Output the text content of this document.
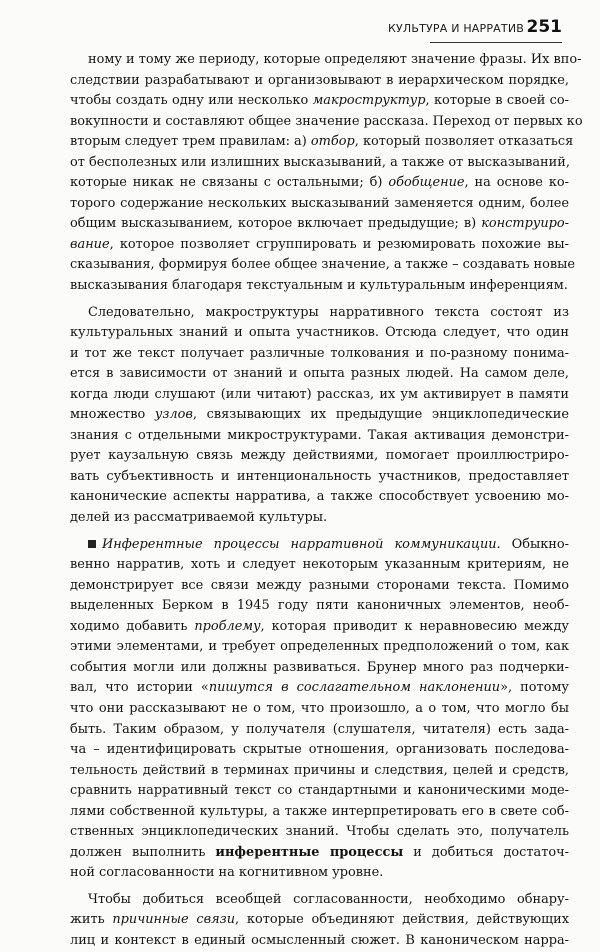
КУЛЬТУРА И НАРРАТИВ 251
ному и тому же периоду, которые определяют значение фразы. Их впо-
следствии разрабатывают и организовывают в иерархическом порядке,
чтобы создать одну или несколько макроструктур, которые в своей со-
вокупности и составляют общее значение рассказа. Переход от первых ко
вторым следует трем правилам: а) отбор, который позволяет отказаться
от бесполезных или излишних высказываний, а также от высказываний,
которые никак не связаны с остальными; б) обобщение, на основе ко-
торого содержание нескольких высказываний заменяется одним, более
общим высказыванием, которое включает предыдущие; в) конструиро-
вание, которое позволяет сгруппировать и резюмировать похожие вы-
сказывания, формируя более общее значение, а также – создавать новые
высказывания благодаря текстуальным и культуральным инференциям.
Следовательно, макроструктуры нарративного текста состоят из
культуральных знаний и опыта участников. Отсюда следует, что один
и тот же текст получает различные толкования и по-разному понима-
ется в зависимости от знаний и опыта разных людей. На самом деле,
когда люди слушают (или читают) рассказ, их ум активирует в памяти
множество узлов, связывающих их предыдущие энциклопедические
знания с отдельными микроструктурами. Такая активация демонстри-
рует каузальную связь между действиями, помогает проиллюстриро-
вать субъективность и интенциональность участников, предоставляет
канонические аспекты нарратива, а также способствует усвоению мо-
делей из рассматриваемой культуры.
Инферентные процессы нарративной коммуникации. Обыкно-
венно нарратив, хоть и следует некоторым указанным критериям, не
демонстрирует все связи между разными сторонами текста. Помимо
выделенных Берком в 1945 году пяти каноничных элементов, необ-
ходимо добавить проблему, которая приводит к неравновесию между
этими элементами, и требует определенных предположений о том, как
события могли или должны развиваться. Брунер много раз подчерки-
вал, что истории «пишутся в сослагательном наклонении», потому
что они рассказывают не о том, что произошло, а о том, что могло бы
быть. Таким образом, у получателя (слушателя, читателя) есть зада-
ча – идентифицировать скрытые отношения, организовать последова-
тельность действий в терминах причины и следствия, целей и средств,
сравнить нарративный текст со стандартными и каноническими моде-
лями собственной культуры, а также интерпретировать его в свете соб-
ственных энциклопедических знаний. Чтобы сделать это, получатель
должен выполнить инферентные процессы и добиться достаточ-
ной согласованности на когнитивном уровне.
Чтобы добиться всеобщей согласованности, необходимо обнару-
жить причинные связи, которые объединяют действия, действующих
лиц и контекст в единый осмысленный сюжет. В каноническом нарра-
